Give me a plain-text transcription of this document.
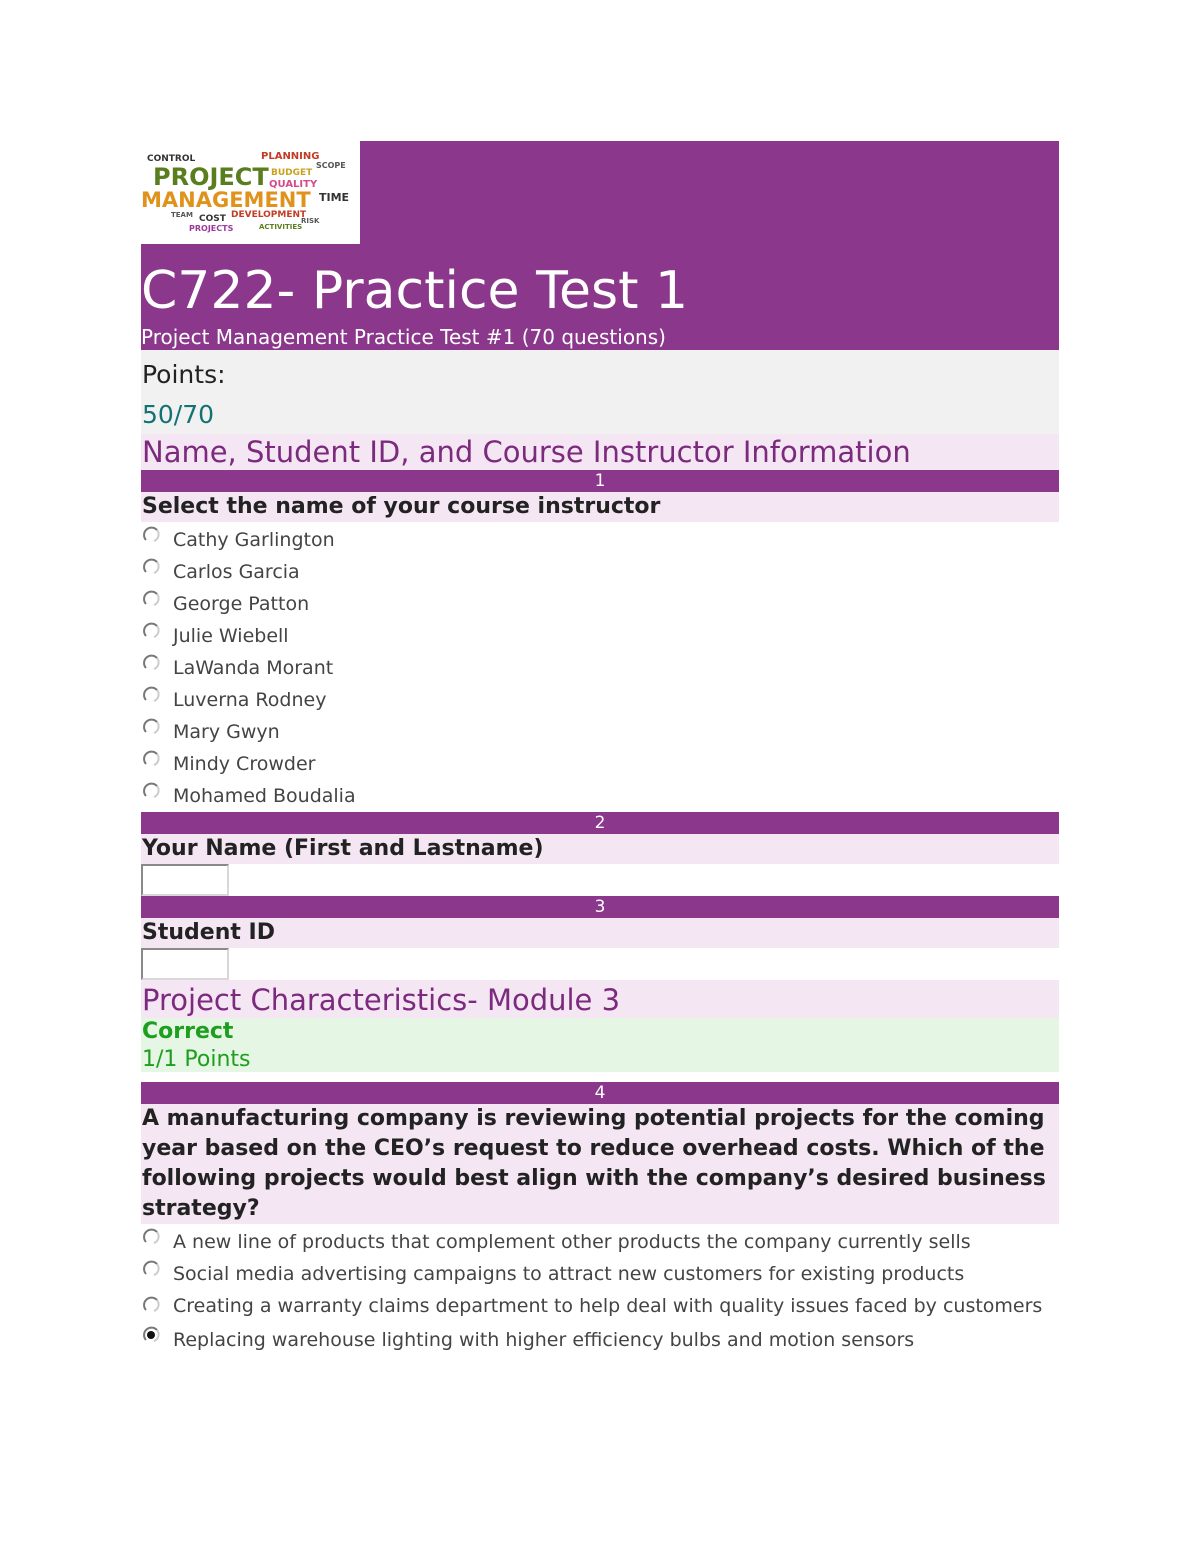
CONTROL	PLANNING
SCOPE
PROJECT BUDGET
QUALITY
MANAGEMENT TIME
COST DEVELOPMENT
PROJECTS	ACTIVITIES
TEAM
RISK
C722- Practice Test 1
Project Management Practice Test #1 (70 questions)
Points:
50/70
Name, Student ID, and Course Instructor Information
1
Select the name of your course instructor
Cathy Garlington
Carlos Garcia
George Patton
Julie Wiebell
LaWanda Morant
Luverna Rodney
Mary Gwyn
Mindy Crowder
Mohamed Boudalia
2
Your Name (First and Lastname)
3
Student ID
Project Characteristics- Module 3
Correct
1/1 Points
4
A manufacturing company is reviewing potential projects for the coming year based on the CEO’s request to reduce overhead costs. Which of the following projects would best align with the company’s desired business strategy?
A new line of products that complement other products the company currently sells
Social media advertising campaigns to attract new customers for existing products
Creating a warranty claims department to help deal with quality issues faced by customers
Replacing warehouse lighting with higher efficiency bulbs and motion sensors
